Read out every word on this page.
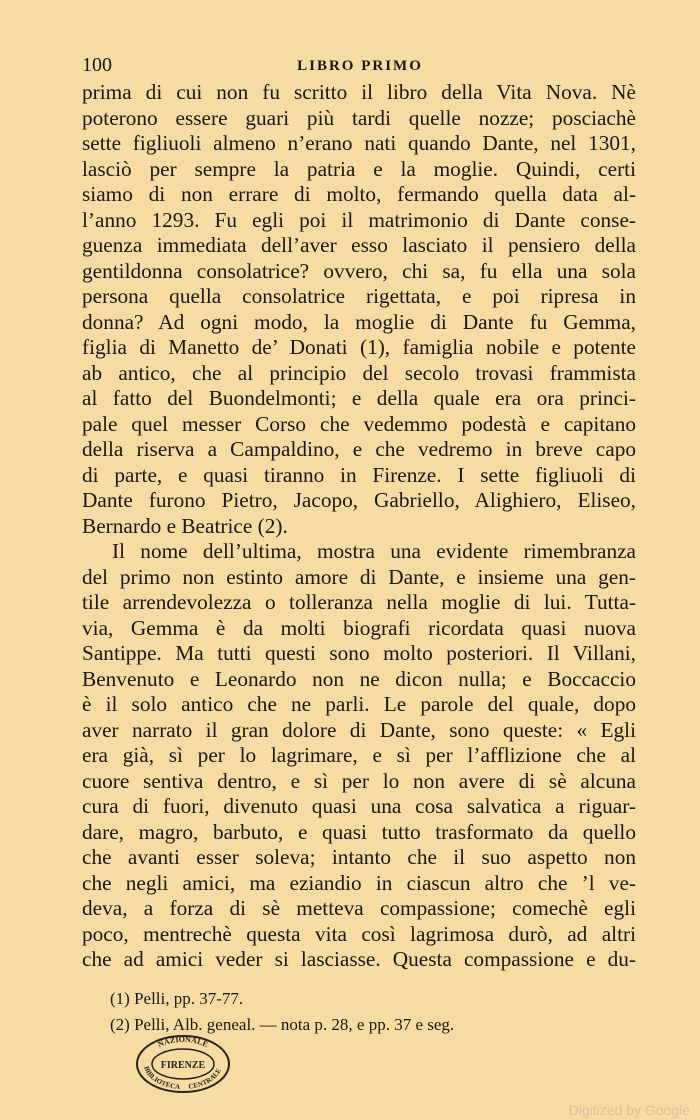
100	LIBRO PRIMO
prima di cui non fu scritto il libro della Vita Nova. Nè
poterono essere guari più tardi quelle nozze; posciachè
sette figliuoli almeno n’erano nati quando Dante, nel 1301,
lasciò per sempre la patria e la moglie. Quindi, certi
siamo di non errare di molto, fermando quella data al-
l’anno 1293. Fu egli poi il matrimonio di Dante conse-
guenza immediata dell’aver esso lasciato il pensiero della
gentildonna consolatrice? ovvero, chi sa, fu ella una sola
persona quella consolatrice rigettata, e poi ripresa in
donna? Ad ogni modo, la moglie di Dante fu Gemma,
figlia di Manetto de’ Donati (1), famiglia nobile e potente
ab antico, che al principio del secolo trovasi frammista
al fatto del Buondelmonti; e della quale era ora princi-
pale quel messer Corso che vedemmo podestà e capitano
della riserva a Campaldino, e che vedremo in breve capo
di parte, e quasi tiranno in Firenze. I sette figliuoli di
Dante furono Pietro, Jacopo, Gabriello, Alighiero, Eliseo,
Bernardo e Beatrice (2).
Il nome dell’ultima, mostra una evidente rimembranza
del primo non estinto amore di Dante, e insieme una gen-
tile arrendevolezza o tolleranza nella moglie di lui. Tutta-
via, Gemma è da molti biografi ricordata quasi nuova
Santippe. Ma tutti questi sono molto posteriori. Il Villani,
Benvenuto e Leonardo non ne dicon nulla; e Boccaccio
è il solo antico che ne parli. Le parole del quale, dopo
aver narrato il gran dolore di Dante, sono queste: « Egli
era già, sì per lo lagrimare, e sì per l’afflizione che al
cuore sentiva dentro, e sì per lo non avere di sè alcuna
cura di fuori, divenuto quasi una cosa salvatica a riguar-
dare, magro, barbuto, e quasi tutto trasformato da quello
che avanti esser soleva; intanto che il suo aspetto non
che negli amici, ma eziandio in ciascun altro che ’l ve-
deva, a forza di sè metteva compassione; comechè egli
poco, mentrechè questa vita così lagrimosa durò, ad altri
che ad amici veder si lasciasse. Questa compassione e du-
(1) Pelli, pp. 37-77.
(2) Pelli, Alb. geneal. — nota p. 28, e pp. 37 e seg.
NAZIONALE
BIBLIOTECA CENTRALE
FIRENZE
Digitized by Google
